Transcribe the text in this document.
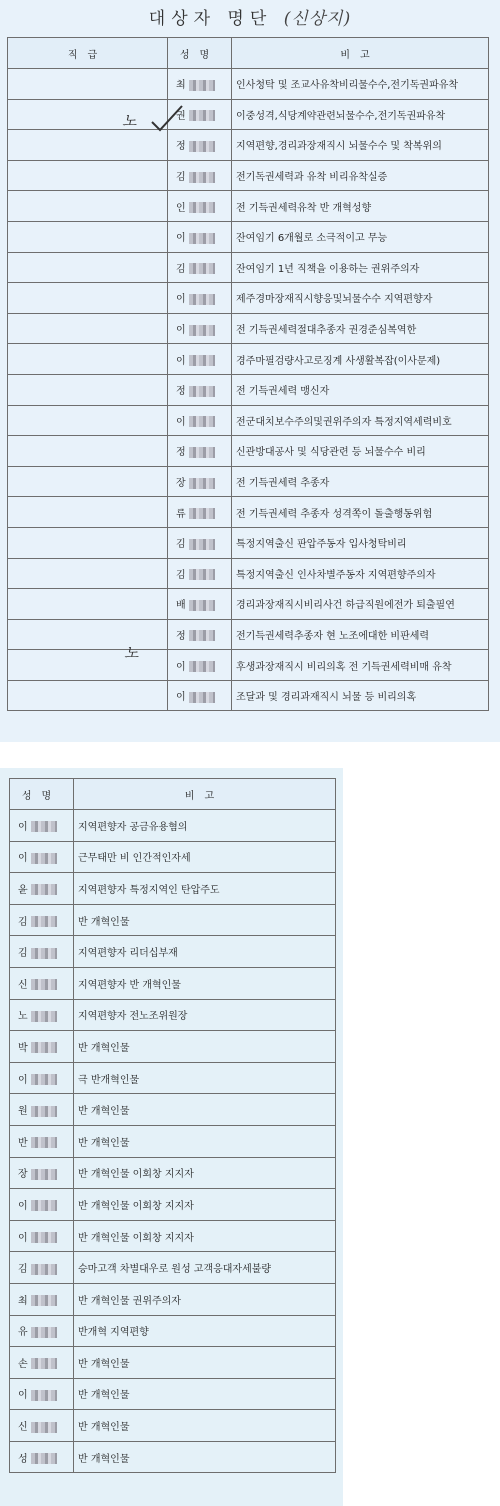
대상자 명단 (신상지)
직급	성명	비고
	최	인사청탁 및 조교사유착비리물수수,전기독권파유착
	권	이중성격,식당계약관련뇌물수수,전기독권파유착
	정	지역편향,경리과장재직시 뇌물수수 및 착복위의
	김	전기독권세력과 유착 비리유착실증
	인	전 기득권세력유착 반 개혁성향
	이	잔여임기 6개월로 소극적이고 무능
	김	잔여임기 1년 직책을 이용하는 권위주의자
	이	제주경마장재직시향응및뇌물수수 지역편향자
	이	전 기득권세력절대추종자 권경준심복역한
	이	경주마필검량사고로징계 사생활복잡(이사문제)
	정	전 기득권세력 맹신자
	이	전군대치보수주의및권위주의자 특정지역세력비호
	정	신관방대공사 및 식당관련 등 뇌물수수 비리
	장	전 기득권세력 추종자
	류	전 기득권세력 추종자 성격쪽이 돌출행동위험
	김	특정지역출신 판압주동자 입사청탁비리
	김	특정지역출신 인사차별주동자 지역편향주의자
	배	경리과장재직시비리사건 하급직원에전가 퇴출필연
	정	전기득권세력추종자 현 노조에대한 비판세력
	이	후생과장재직시 비리의혹 전 기득권세력비매 유착
	이	조달과 및 경리과재직시 뇌물 등 비리의혹
성명	비고
이	지역편향자 공금유용혐의
이	근무태만 비 인간적인자세
윤	지역편향자 특정지역인 탄압주도
김	반 개혁인물
김	지역편향자 리더십부재
신	지역편향자 반 개혁인물
노	지역편향자 전노조위원장
박	반 개혁인물
이	극 반개혁인물
원	반 개혁인물
반	반 개혁인물
장	반 개혁인물 이회창 지지자
이	반 개혁인물 이회창 지지자
이	반 개혁인물 이회창 지지자
김	승마고객 차별대우로 원성 고객응대자세불량
최	반 개혁인물 권위주의자
유	반개혁 지역편향
손	반 개혁인물
이	반 개혁인물
신	반 개혁인물
성	반 개혁인물
노
노
